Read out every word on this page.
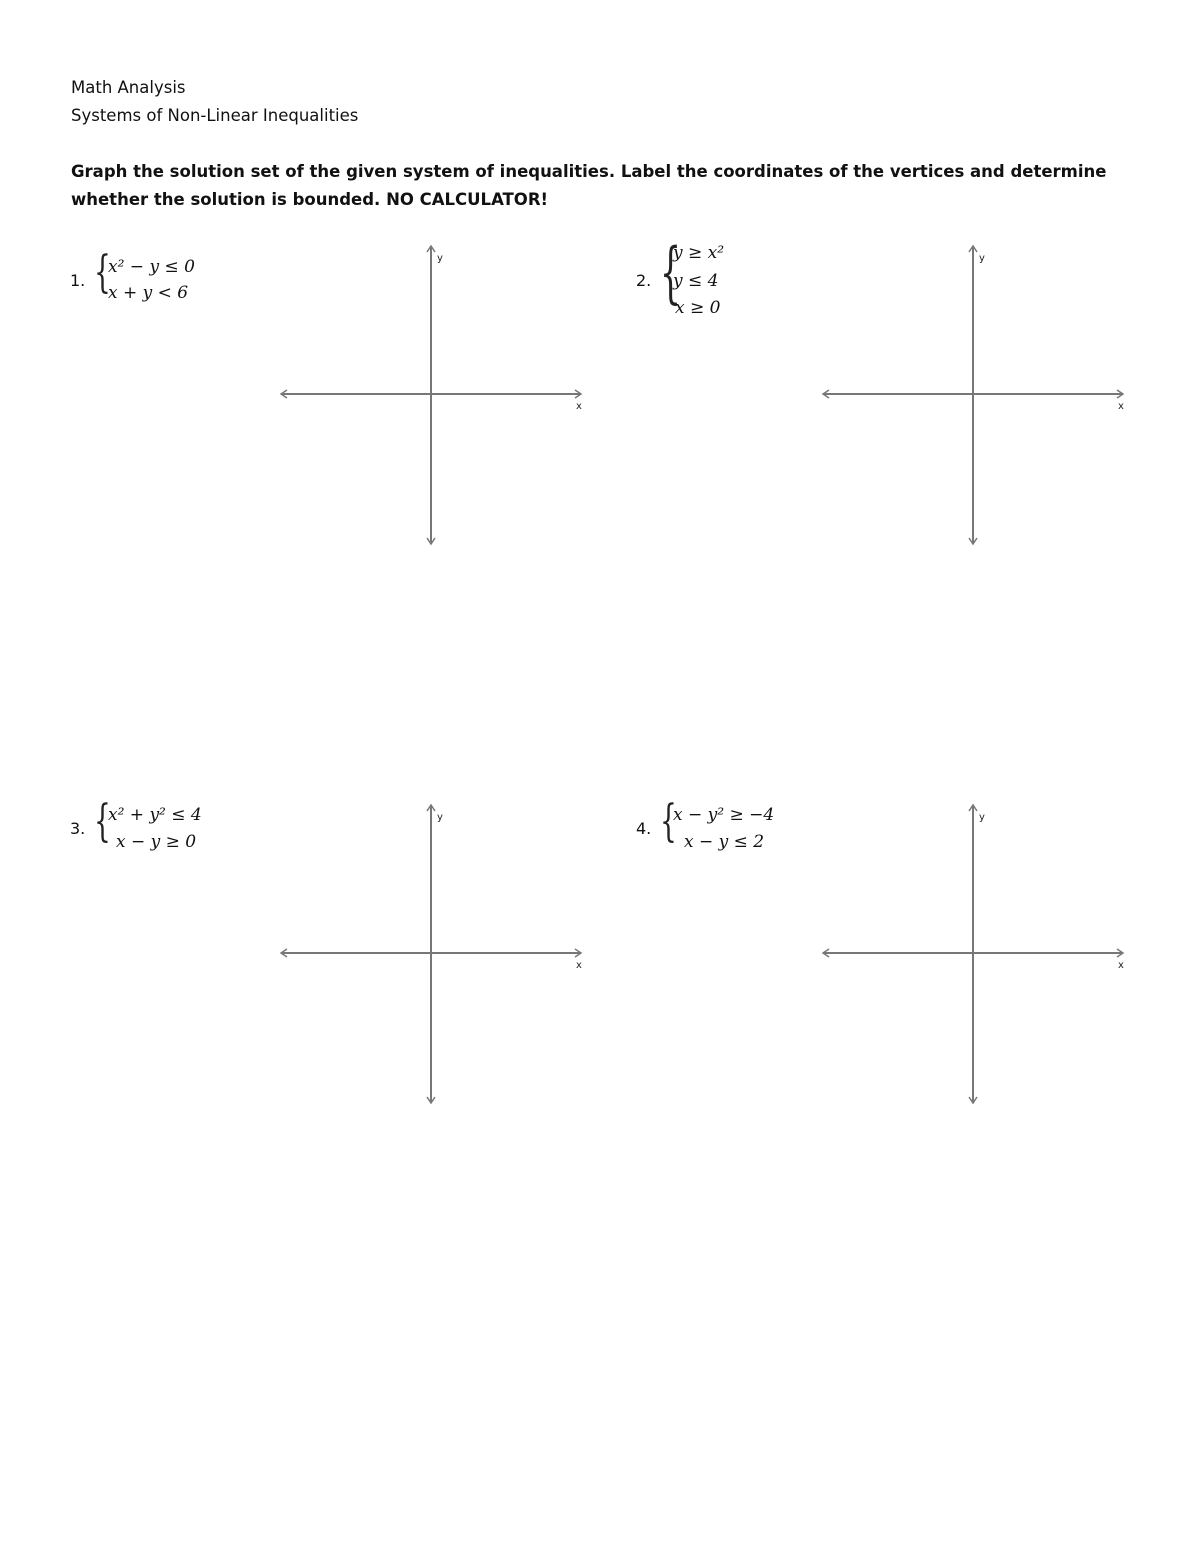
Math Analysis
Systems of Non-Linear Inequalities
Graph the solution set of the given system of inequalities. Label the coordinates of the vertices and determine whether the solution is bounded. NO CALCULATOR!
1. {
x² − y ≤ 0
x + y < 6
y
x
2. {
y ≥ x²
y ≤ 4
x ≥ 0
y
x
3. {
x² + y² ≤ 4
x − y ≥ 0
y
x
4. {
x − y² ≥ −4
x − y ≤ 2
y
x
